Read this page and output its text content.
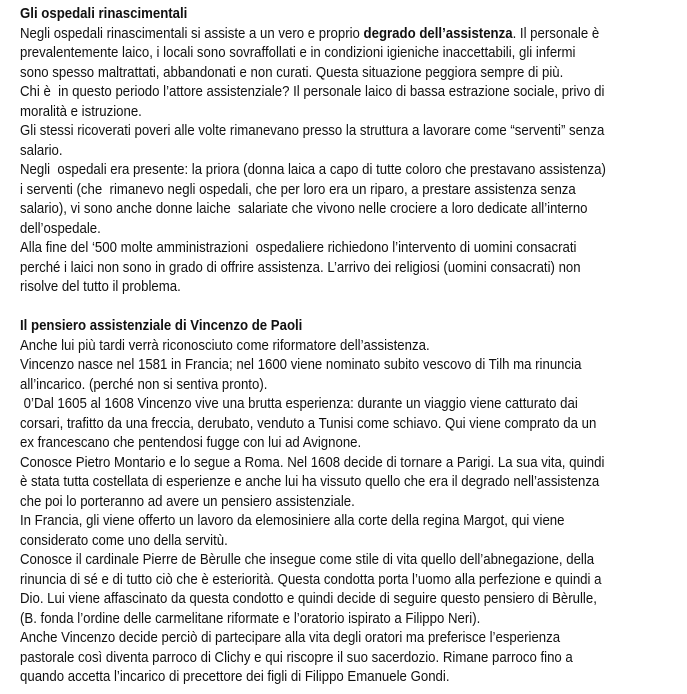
Gli ospedali rinascimentali
Negli ospedali rinascimentali si assiste a un vero e proprio degrado dell’assistenza. Il personale è
prevalentemente laico, i locali sono sovraffollati e in condizioni igieniche inaccettabili, gli infermi
sono spesso maltrattati, abbandonati e non curati. Questa situazione peggiora sempre di più.
Chi è  in questo periodo l’attore assistenziale? Il personale laico di bassa estrazione sociale, privo di
moralità e istruzione.
Gli stessi ricoverati poveri alle volte rimanevano presso la struttura a lavorare come “serventi” senza
salario.
Negli  ospedali era presente: la priora (donna laica a capo di tutte coloro che prestavano assistenza)
i serventi (che  rimanevo negli ospedali, che per loro era un riparo, a prestare assistenza senza
salario), vi sono anche donne laiche  salariate che vivono nelle crociere a loro dedicate all’interno
dell’ospedale.
Alla fine del ‘500 molte amministrazioni  ospedaliere richiedono l’intervento di uomini consacrati
perché i laici non sono in grado di offrire assistenza. L’arrivo dei religiosi (uomini consacrati) non
risolve del tutto il problema.
Il pensiero assistenziale di Vincenzo de Paoli
Anche lui più tardi verrà riconosciuto come riformatore dell’assistenza.
Vincenzo nasce nel 1581 in Francia; nel 1600 viene nominato subito vescovo di Tilh ma rinuncia
all’incarico. (perché non si sentiva pronto).
0’Dal 1605 al 1608 Vincenzo vive una brutta esperienza: durante un viaggio viene catturato dai
corsari, trafitto da una freccia, derubato, venduto a Tunisi come schiavo. Qui viene comprato da un
ex francescano che pentendosi fugge con lui ad Avignone.
Conosce Pietro Montario e lo segue a Roma. Nel 1608 decide di tornare a Parigi. La sua vita, quindi
è stata tutta costellata di esperienze e anche lui ha vissuto quello che era il degrado nell’assistenza
che poi lo porteranno ad avere un pensiero assistenziale.
In Francia, gli viene offerto un lavoro da elemosiniere alla corte della regina Margot, qui viene
considerato come uno della servitù.
Conosce il cardinale Pierre de Bèrulle che insegue come stile di vita quello dell’abnegazione, della
rinuncia di sé e di tutto ciò che è esteriorità. Questa condotta porta l’uomo alla perfezione e quindi a
Dio. Lui viene affascinato da questa condotto e quindi decide di seguire questo pensiero di Bèrulle,
(B. fonda l’ordine delle carmelitane riformate e l’oratorio ispirato a Filippo Neri).
Anche Vincenzo decide perciò di partecipare alla vita degli oratori ma preferisce l’esperienza
pastorale così diventa parroco di Clichy e qui riscopre il suo sacerdozio. Rimane parroco fino a
quando accetta l’incarico di precettore dei figli di Filippo Emanuele Gondi.
